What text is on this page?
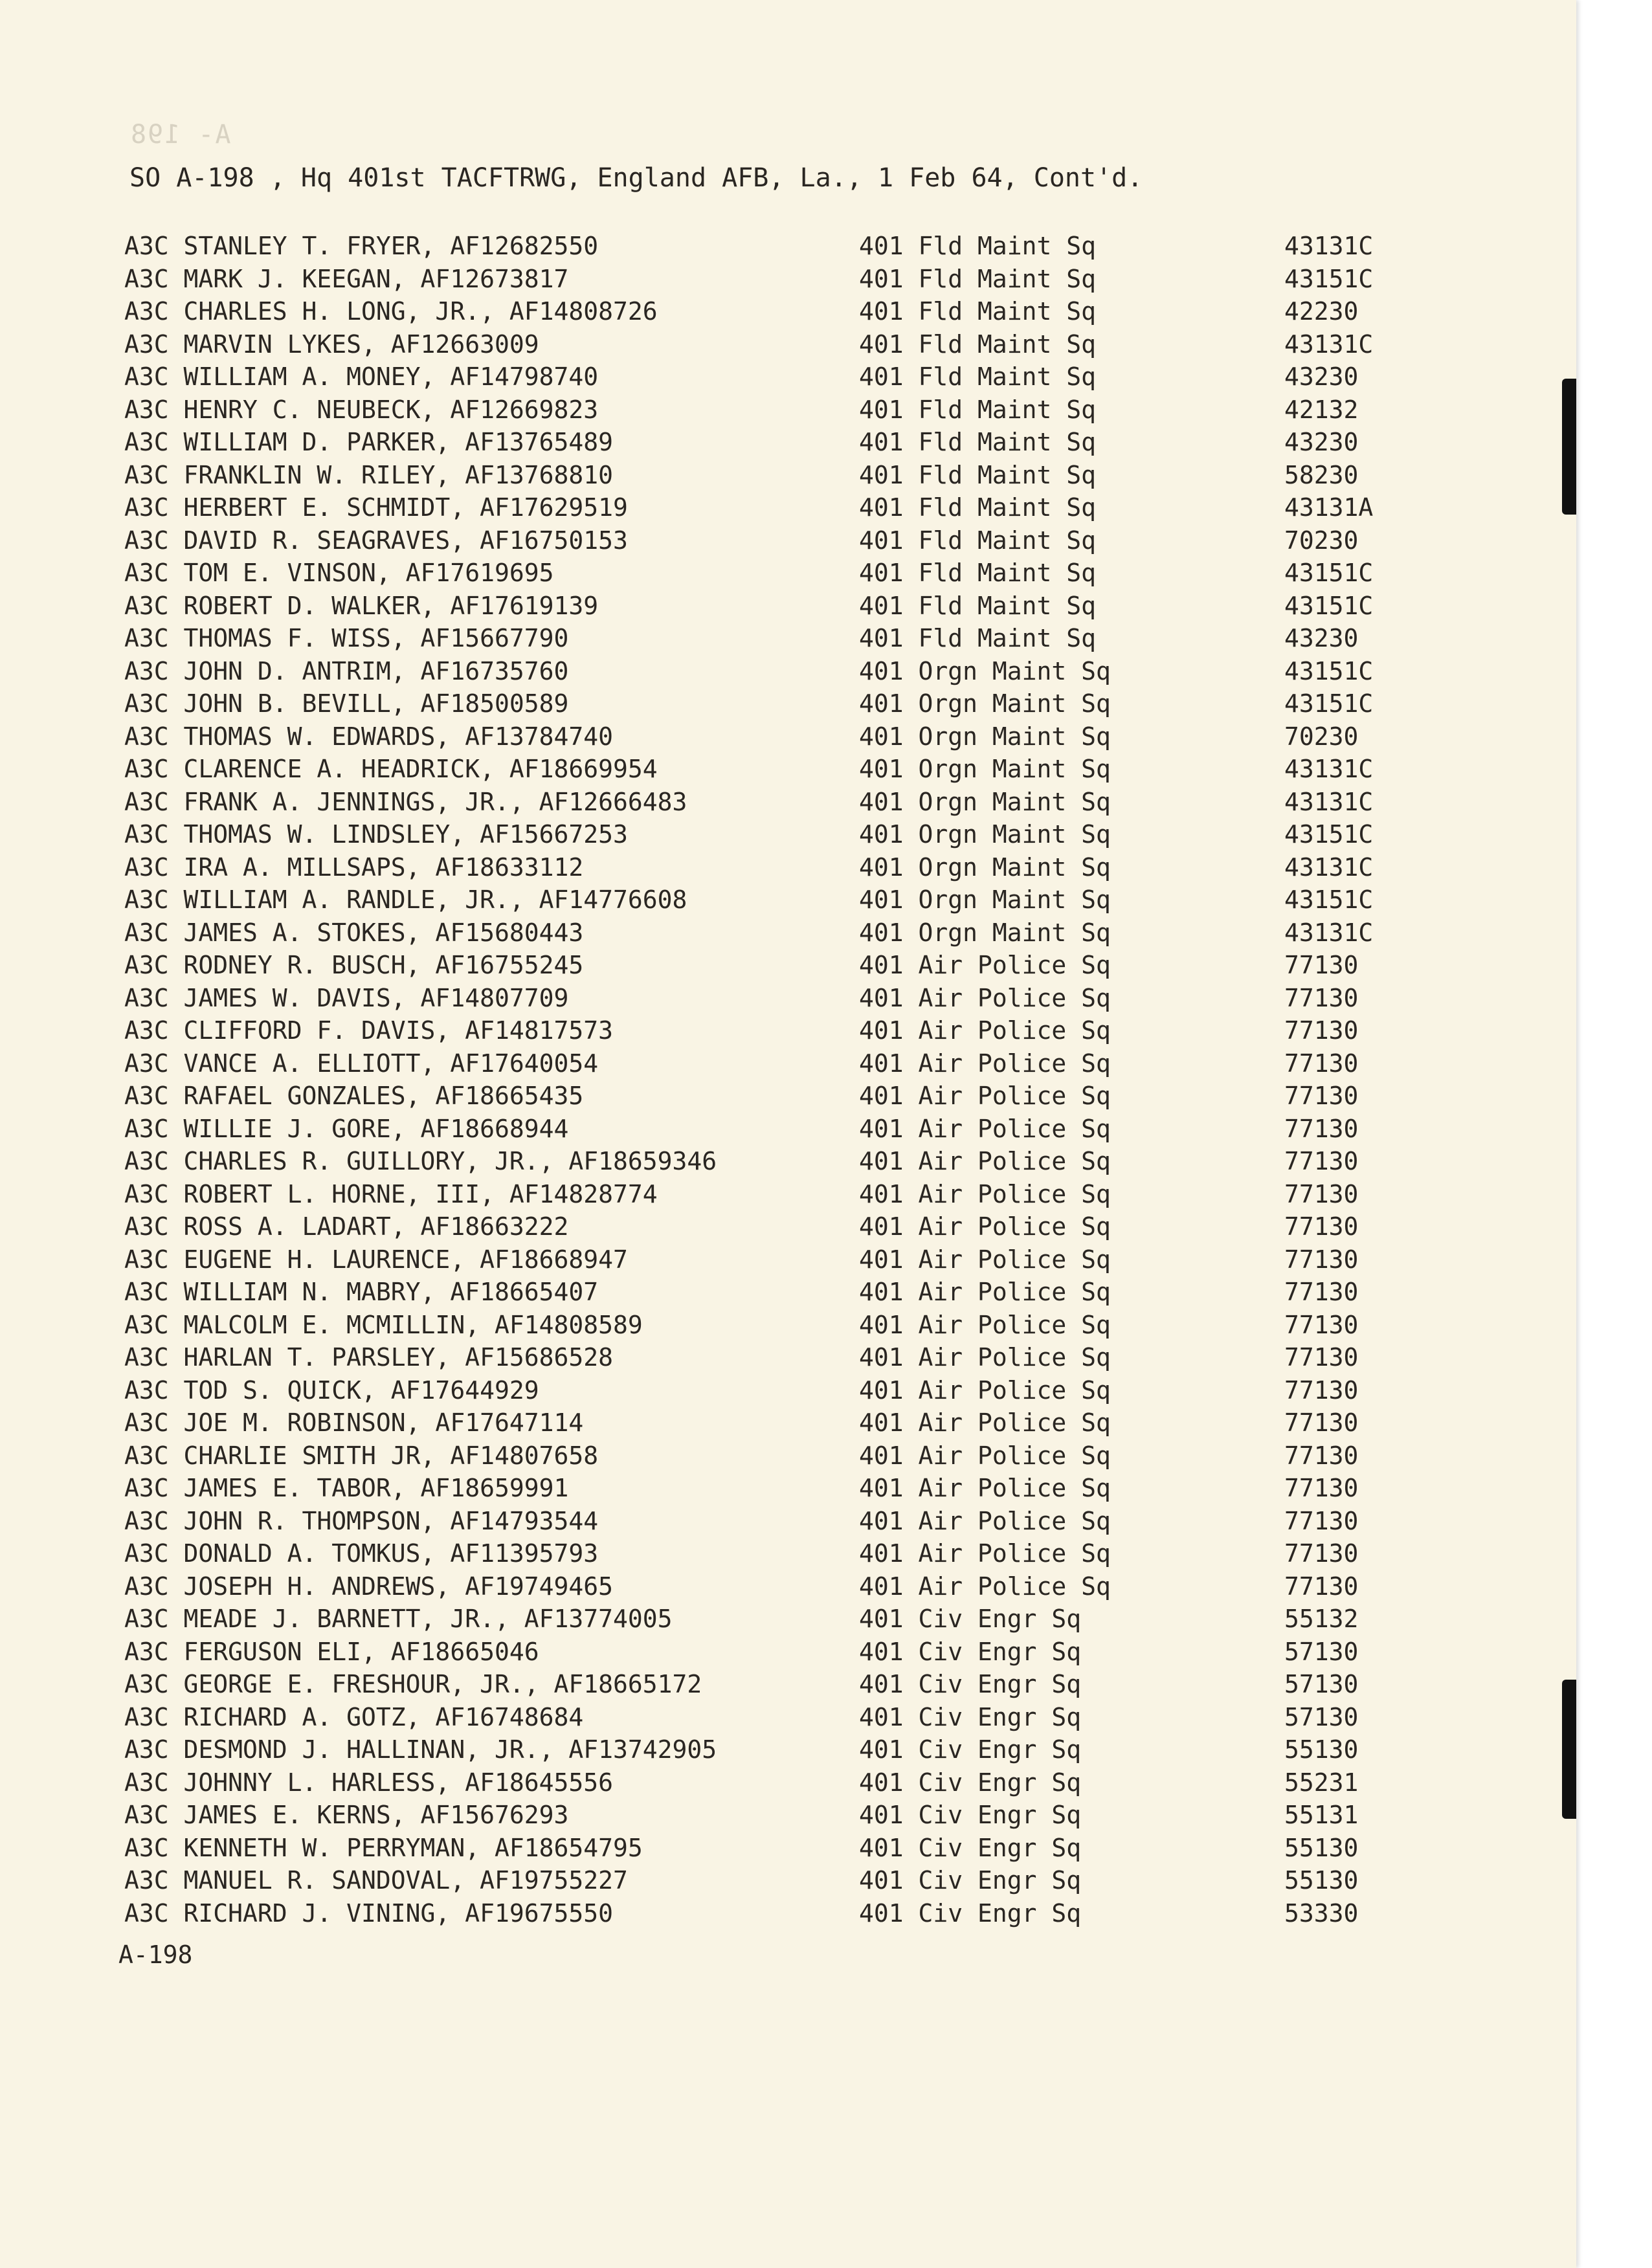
A- 198
SO A-198 , Hq 401st TACFTRWG, England AFB, La., 1 Feb 64, Cont'd.
A3C STANLEY T. FRYER, AF12682550	401 Fld Maint Sq	43131C
A3C MARK J. KEEGAN, AF12673817	401 Fld Maint Sq	43151C
A3C CHARLES H. LONG, JR., AF14808726	401 Fld Maint Sq	42230
A3C MARVIN LYKES, AF12663009	401 Fld Maint Sq	43131C
A3C WILLIAM A. MONEY, AF14798740	401 Fld Maint Sq	43230
A3C HENRY C. NEUBECK, AF12669823	401 Fld Maint Sq	42132
A3C WILLIAM D. PARKER, AF13765489	401 Fld Maint Sq	43230
A3C FRANKLIN W. RILEY, AF13768810	401 Fld Maint Sq	58230
A3C HERBERT E. SCHMIDT, AF17629519	401 Fld Maint Sq	43131A
A3C DAVID R. SEAGRAVES, AF16750153	401 Fld Maint Sq	70230
A3C TOM E. VINSON, AF17619695	401 Fld Maint Sq	43151C
A3C ROBERT D. WALKER, AF17619139	401 Fld Maint Sq	43151C
A3C THOMAS F. WISS, AF15667790	401 Fld Maint Sq	43230
A3C JOHN D. ANTRIM, AF16735760	401 Orgn Maint Sq	43151C
A3C JOHN B. BEVILL, AF18500589	401 Orgn Maint Sq	43151C
A3C THOMAS W. EDWARDS, AF13784740	401 Orgn Maint Sq	70230
A3C CLARENCE A. HEADRICK, AF18669954	401 Orgn Maint Sq	43131C
A3C FRANK A. JENNINGS, JR., AF12666483	401 Orgn Maint Sq	43131C
A3C THOMAS W. LINDSLEY, AF15667253	401 Orgn Maint Sq	43151C
A3C IRA A. MILLSAPS, AF18633112	401 Orgn Maint Sq	43131C
A3C WILLIAM A. RANDLE, JR., AF14776608	401 Orgn Maint Sq	43151C
A3C JAMES A. STOKES, AF15680443	401 Orgn Maint Sq	43131C
A3C RODNEY R. BUSCH, AF16755245	401 Air Police Sq	77130
A3C JAMES W. DAVIS, AF14807709	401 Air Police Sq	77130
A3C CLIFFORD F. DAVIS, AF14817573	401 Air Police Sq	77130
A3C VANCE A. ELLIOTT, AF17640054	401 Air Police Sq	77130
A3C RAFAEL GONZALES, AF18665435	401 Air Police Sq	77130
A3C WILLIE J. GORE, AF18668944	401 Air Police Sq	77130
A3C CHARLES R. GUILLORY, JR., AF18659346	401 Air Police Sq	77130
A3C ROBERT L. HORNE, III, AF14828774	401 Air Police Sq	77130
A3C ROSS A. LADART, AF18663222	401 Air Police Sq	77130
A3C EUGENE H. LAURENCE, AF18668947	401 Air Police Sq	77130
A3C WILLIAM N. MABRY, AF18665407	401 Air Police Sq	77130
A3C MALCOLM E. MCMILLIN, AF14808589	401 Air Police Sq	77130
A3C HARLAN T. PARSLEY, AF15686528	401 Air Police Sq	77130
A3C TOD S. QUICK, AF17644929	401 Air Police Sq	77130
A3C JOE M. ROBINSON, AF17647114	401 Air Police Sq	77130
A3C CHARLIE SMITH JR, AF14807658	401 Air Police Sq	77130
A3C JAMES E. TABOR, AF18659991	401 Air Police Sq	77130
A3C JOHN R. THOMPSON, AF14793544	401 Air Police Sq	77130
A3C DONALD A. TOMKUS, AF11395793	401 Air Police Sq	77130
A3C JOSEPH H. ANDREWS, AF19749465	401 Air Police Sq	77130
A3C MEADE J. BARNETT, JR., AF13774005	401 Civ Engr Sq	55132
A3C FERGUSON ELI, AF18665046	401 Civ Engr Sq	57130
A3C GEORGE E. FRESHOUR, JR., AF18665172	401 Civ Engr Sq	57130
A3C RICHARD A. GOTZ, AF16748684	401 Civ Engr Sq	57130
A3C DESMOND J. HALLINAN, JR., AF13742905	401 Civ Engr Sq	55130
A3C JOHNNY L. HARLESS, AF18645556	401 Civ Engr Sq	55231
A3C JAMES E. KERNS, AF15676293	401 Civ Engr Sq	55131
A3C KENNETH W. PERRYMAN, AF18654795	401 Civ Engr Sq	55130
A3C MANUEL R. SANDOVAL, AF19755227	401 Civ Engr Sq	55130
A3C RICHARD J. VINING, AF19675550	401 Civ Engr Sq	53330
A-198
